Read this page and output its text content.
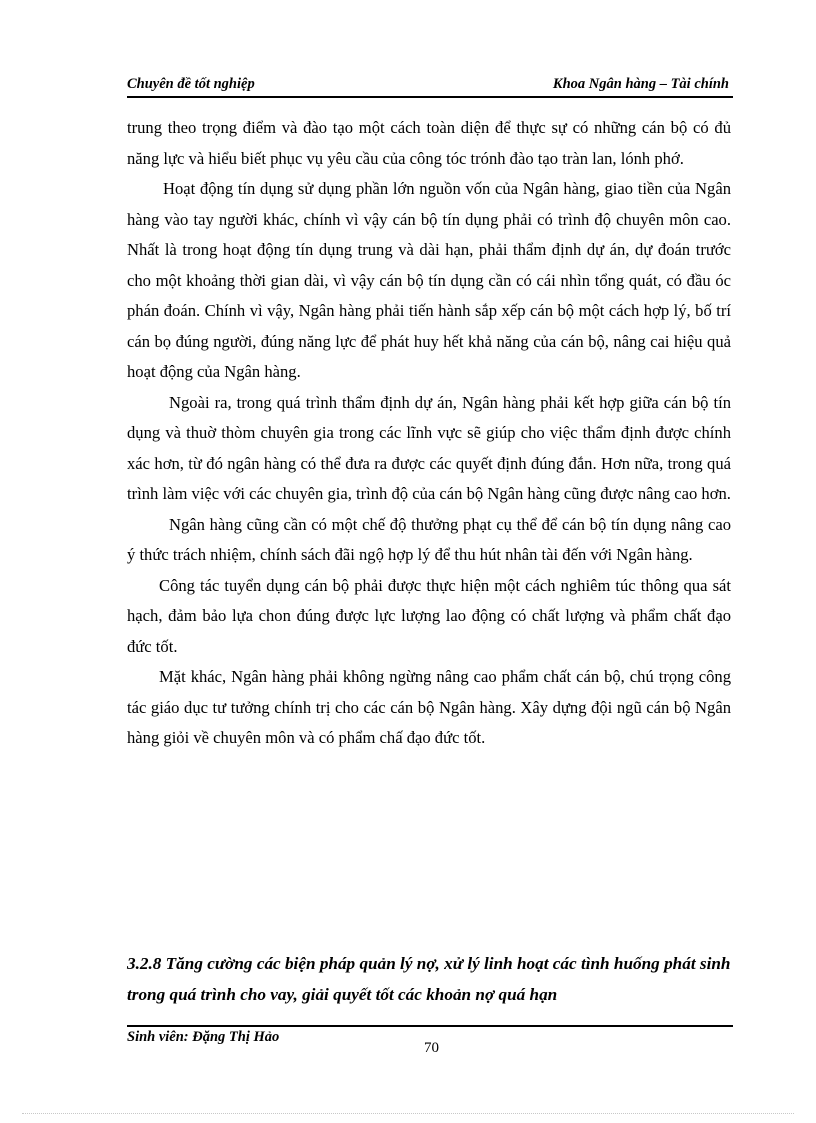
Chuyên đề tốt nghiệp	Khoa Ngân hàng – Tài chính

trung theo trọng điểm và đào tạo một cách toàn diện để thực sự có những cán bộ có đủ năng lực và hiểu biết phục vụ yêu cầu của công tóc trónh đào tạo tràn lan, lónh phớ.

Hoạt động tín dụng sử dụng phần lớn nguồn vốn của Ngân hàng, giao tiền của Ngân hàng vào tay người khác, chính vì vậy cán bộ tín dụng phải có trình độ chuyên môn cao. Nhất là trong hoạt động tín dụng trung và dài hạn, phải thẩm định dự án, dự đoán trước cho một khoảng thời gian dài, vì vậy cán bộ tín dụng cần có cái nhìn tổng quát, có đầu óc phán đoán. Chính vì vậy, Ngân hàng phải tiến hành sắp xếp cán bộ một cách hợp lý, bố trí cán bọ đúng người, đúng năng lực để phát huy hết khả năng của cán bộ, nâng cai hiệu quả hoạt động của Ngân hàng.

Ngoài ra, trong quá trình thẩm định dự án, Ngân hàng phải kết hợp giữa cán bộ tín dụng và thuờ thòm chuyên gia trong các lĩnh vực sẽ giúp cho việc thẩm định được chính xác hơn, từ đó ngân hàng có thể đưa ra được các quyết định đúng đắn. Hơn nữa, trong quá trình làm việc với các chuyên gia, trình độ của cán bộ Ngân hàng cũng được nâng cao hơn.

Ngân hàng cũng cần có một chế độ thưởng phạt cụ thể để cán bộ tín dụng nâng cao ý thức trách nhiệm, chính sách đãi ngộ hợp lý để thu hút nhân tài đến với Ngân hàng.

Công tác tuyển dụng cán bộ phải được thực hiện một cách nghiêm túc thông qua sát hạch, đảm bảo lựa chon đúng được lực lượng lao động có chất lượng và phẩm chất đạo đức tốt.

Mặt khác, Ngân hàng phải không ngừng nâng cao phẩm chất cán bộ, chú trọng công tác giáo dục tư tưởng chính trị cho các cán bộ Ngân hàng. Xây dựng đội ngũ cán bộ Ngân hàng giỏi về chuyên môn và có phẩm chấ đạo đức tốt.

3.2.8 Tăng cường các biện pháp quản lý nợ, xử lý linh hoạt các tình huống phát sinh trong quá trình cho vay, giải quyết tốt các khoản nợ quá hạn
Sinh viên: Đặng Thị Hảo
70
